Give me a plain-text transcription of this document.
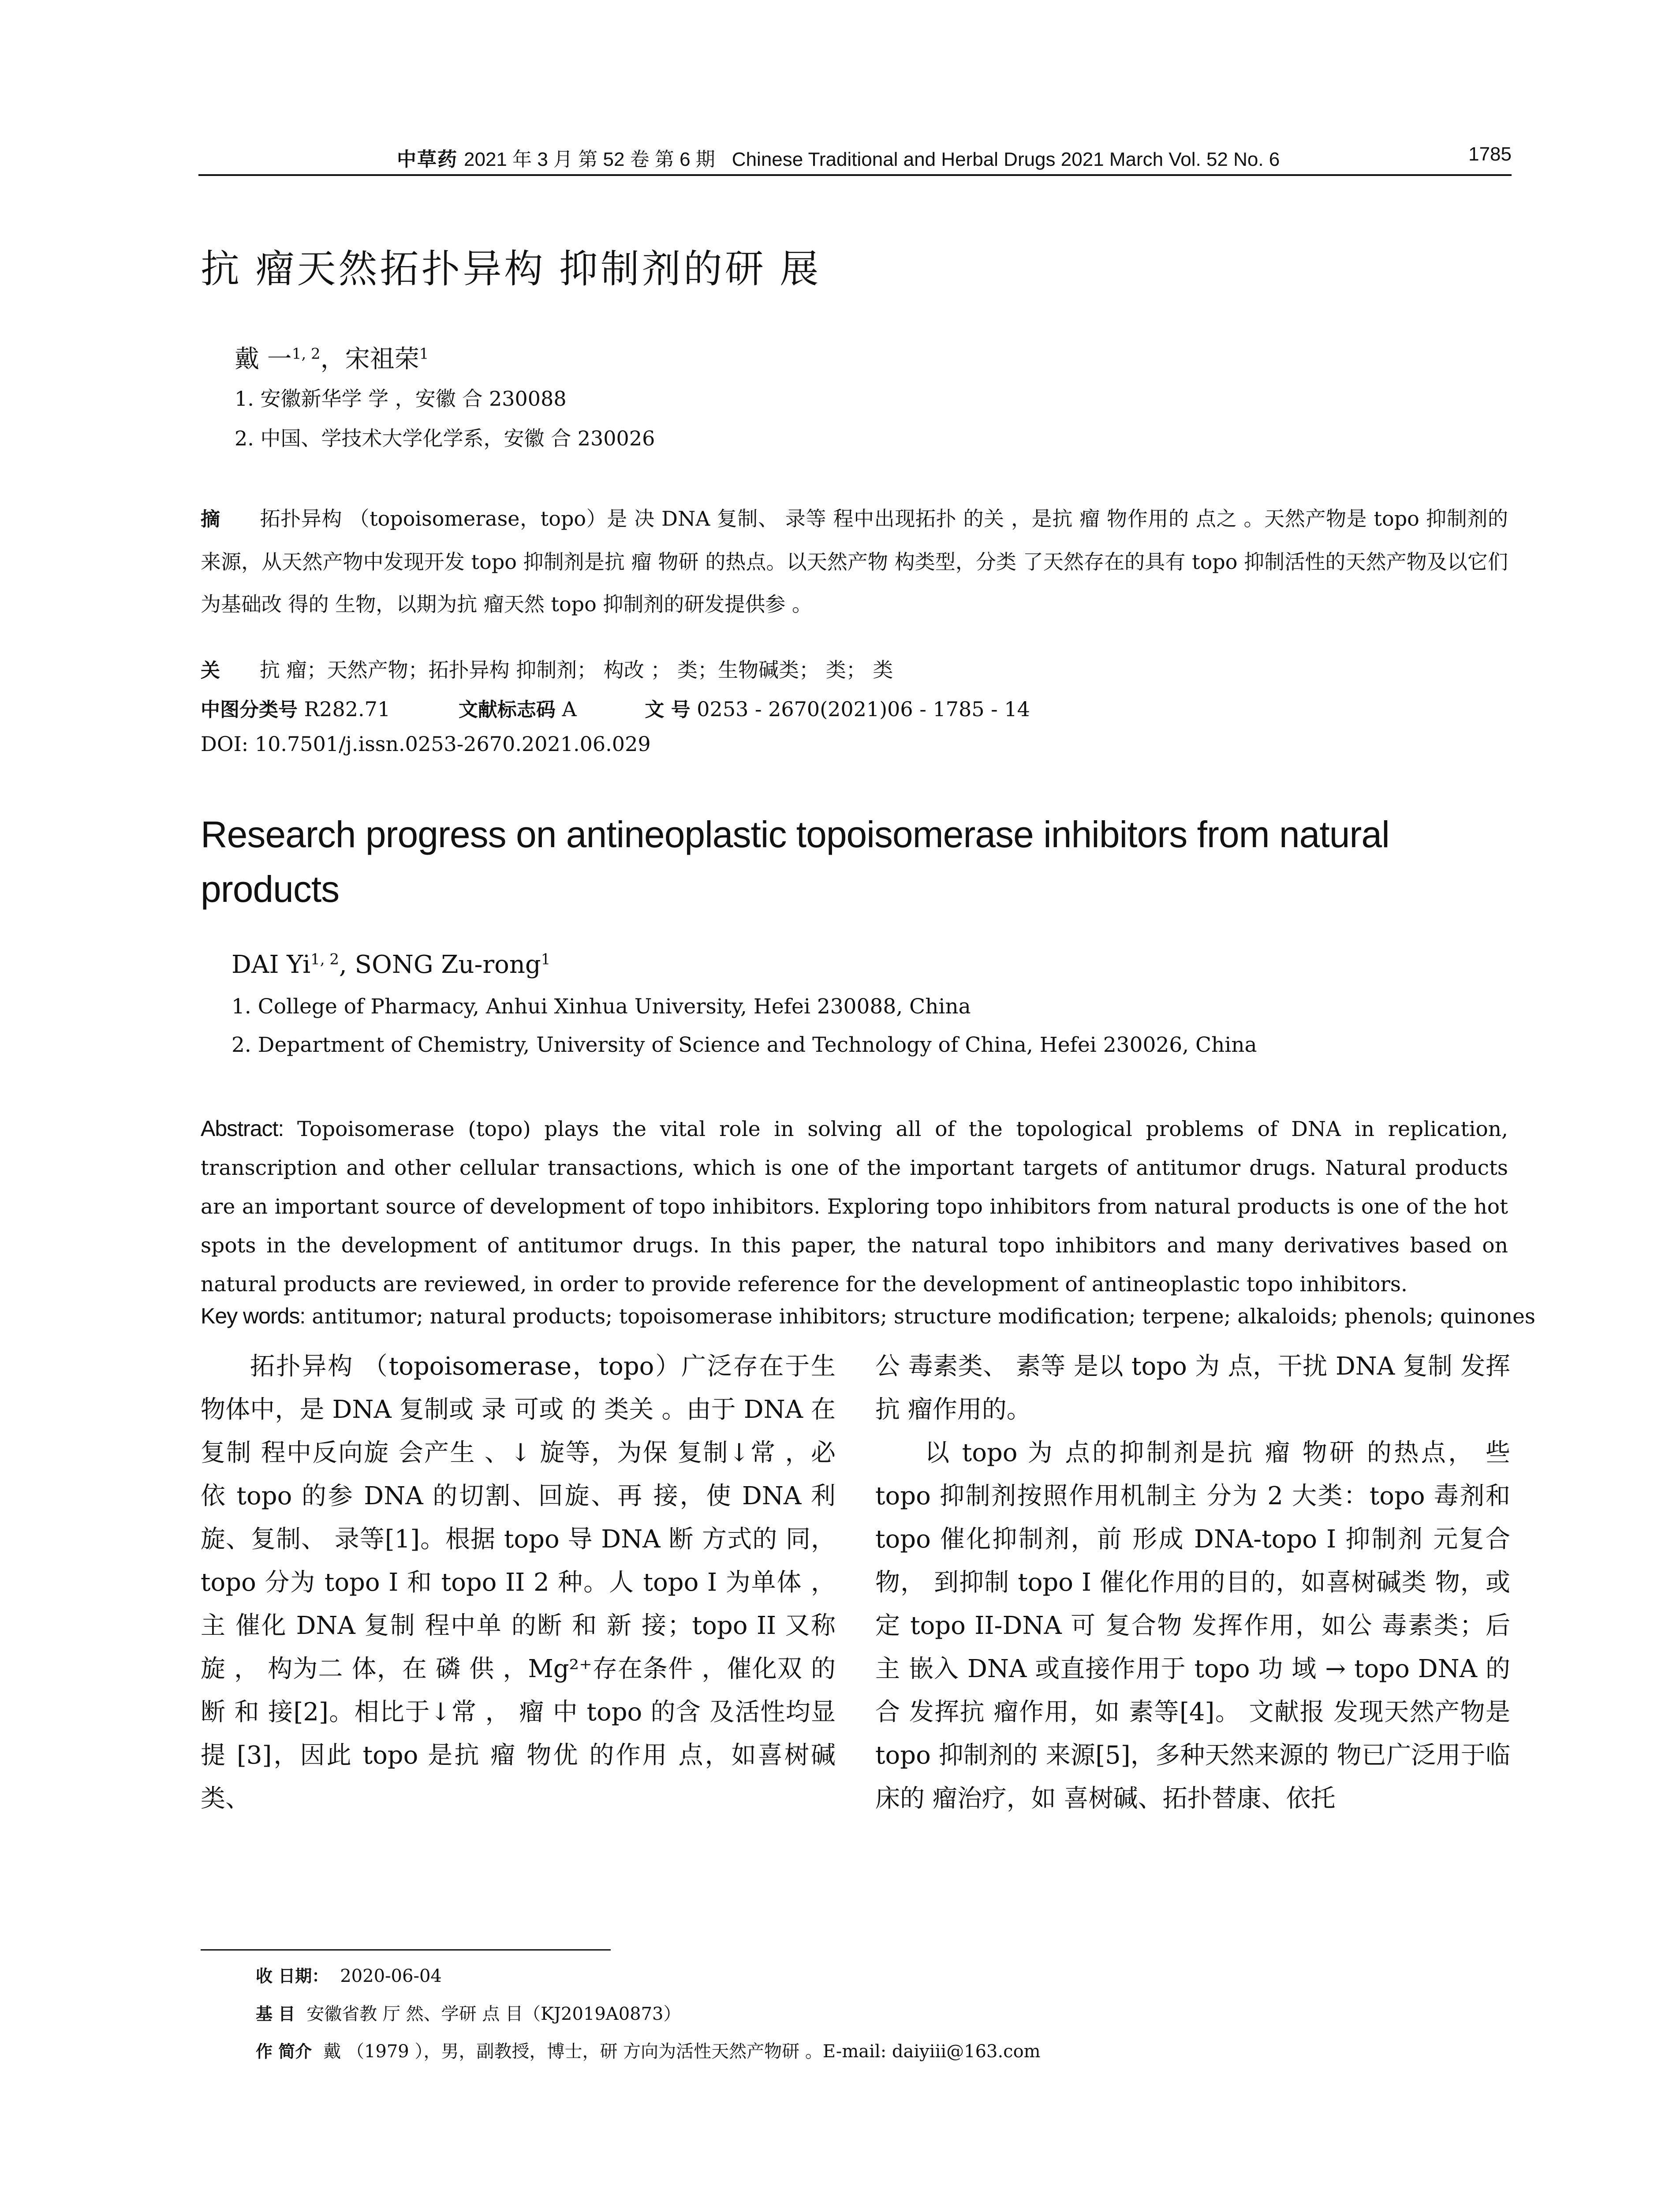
中草药 2021 年 3 月 第 52 卷 第 6 期 Chinese Traditional and Herbal Drugs 2021 March Vol. 52 No. 6	1785
抗 瘤天然拓扑异构 抑制剂的研 展
戴 一$^{1, 2}$，宋祖荣$^1$
1. 安徽新华学 学 ，安徽 合 230088
2. 中国、学技术大学化学系，安徽 合 230026
摘 拓扑异构 （topoisomerase，topo）是 决 DNA 复制、 录等 程中出现拓扑 的关 ，是抗 瘤 物作用的 点之 。天然产物是 topo 抑制剂的 来源，从天然产物中发现开发 topo 抑制剂是抗 瘤 物研 的热点。以天然产物 构类型，分类 了天然存在的具有 topo 抑制活性的天然产物及以它们为基础改 得的 生物，以期为抗 瘤天然 topo 抑制剂的研发提供参 。
关 抗 瘤；天然产物；拓扑异构 抑制剂； 构改 ； 类；生物碱类； 类； 类
中图分类号 R282.71	文献标志码 A	文 号 0253 - 2670(2021)06 - 1785 - 14
DOI: 10.7501/j.issn.0253-2670.2021.06.029
Research progress on antineoplastic topoisomerase inhibitors from natural products
DAI Yi$^{1, 2}$, SONG Zu-rong$^1$
1. College of Pharmacy, Anhui Xinhua University, Hefei 230088, China
2. Department of Chemistry, University of Science and Technology of China, Hefei 230026, China
Abstract: Topoisomerase (topo) plays the vital role in solving all of the topological problems of DNA in replication, transcription and other cellular transactions, which is one of the important targets of antitumor drugs. Natural products are an important source of development of topo inhibitors. Exploring topo inhibitors from natural products is one of the hot spots in the development of antitumor drugs. In this paper, the natural topo inhibitors and many derivatives based on natural products are reviewed, in order to provide reference for the development of antineoplastic topo inhibitors.
Key words: antitumor; natural products; topoisomerase inhibitors; structure modification; terpene; alkaloids; phenols; quinones

拓扑异构 （topoisomerase，topo）广泛存在于生物体中，是 DNA 复制或 录 可或 的 类关 。由于 DNA 在复制 程中反向旋 会产生 、↓ 旋等，为保 复制↓常 ，必 依 topo 的参 DNA 的切割、回旋、再 接，使 DNA 利 旋、复制、 录等[1]。根据 topo 导 DNA 断 方式的 同，topo 分为 topo I 和 topo II 2 种。人 topo I 为单体 ，主 催化 DNA 复制 程中单 的断 和 新 接；topo II 又称 旋 ， 构为二 体，在 磷 供 ，Mg²⁺存在条件 ，催化双 的断 和 接[2]。相比于↓常 ， 瘤 中 topo 的含 及活性均显 提 [3]，因此 topo 是抗 瘤 物优 的作用 点，如喜树碱类、

公 毒素类、 素等 是以 topo 为 点，干扰 DNA 复制 发挥抗 瘤作用的。

以 topo 为 点的抑制剂是抗 瘤 物研 的热点， 些 topo 抑制剂按照作用机制主 分为 2 大类：topo 毒剂和 topo 催化抑制剂，前 形成 DNA-topo I 抑制剂 元复合物， 到抑制 topo I 催化作用的目的，如喜树碱类 物，或 定 topo II-DNA 可 复合物 发挥作用，如公 毒素类；后 主 嵌入 DNA 或直接作用于 topo 功 域 → topo DNA 的 合 发挥抗 瘤作用，如 素等[4]。 文献报 发现天然产物是 topo 抑制剂的 来源[5]，多种天然来源的 物已广泛用于临床的 瘤治疗，如 喜树碱、拓扑替康、依托

收 日期： 2020-06-04
基 目 安徽省教 厅 然、学研 点 目（KJ2019A0873）
作 简介 戴 （1979 ），男，副教授，博士，研 方向为活性天然产物研 。E-mail: daiyiii@163.com
